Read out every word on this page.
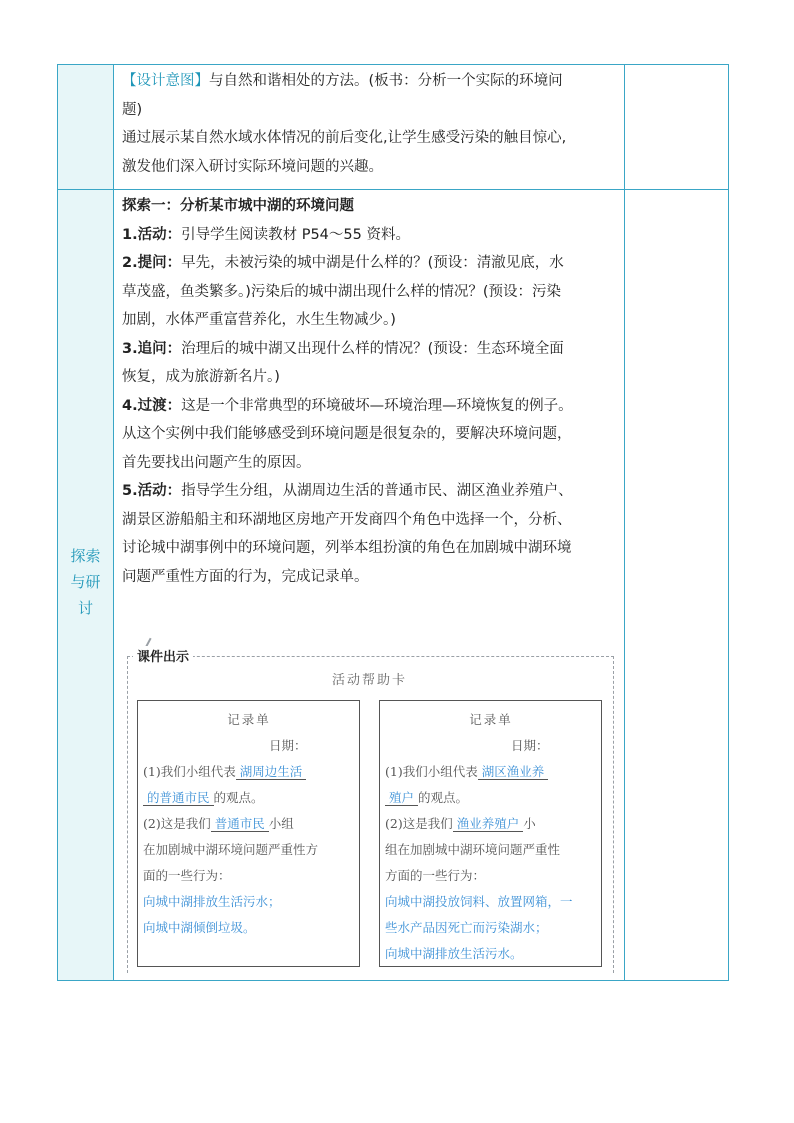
【设计意图】与自然和谐相处的方法。(板书：分析一个实际的环境问

题)

通过展示某自然水域水体情况的前后变化,让学生感受污染的触目惊心,

激发他们深入研讨实际环境问题的兴趣。

探索
与研
讨

探索一：分析某市城中湖的环境问题

1.活动：引导学生阅读教材 P54～55 资料。

2.提问：早先，未被污染的城中湖是什么样的？(预设：清澈见底，水

草茂盛，鱼类繁多。)污染后的城中湖出现什么样的情况？(预设：污染

加剧，水体严重富营养化，水生生物减少。)

3.追问：治理后的城中湖又出现什么样的情况？(预设：生态环境全面

恢复，成为旅游新名片。)

4.过渡：这是一个非常典型的环境破坏—环境治理—环境恢复的例子。

从这个实例中我们能够感受到环境问题是很复杂的，要解决环境问题，

首先要找出问题产生的原因。

5.活动：指导学生分组，从湖周边生活的普通市民、湖区渔业养殖户、

湖景区游船船主和环湖地区房地产开发商四个角色中选择一个，分析、

讨论城中湖事例中的环境问题，列举本组扮演的角色在加剧城中湖环境

问题严重性方面的行为，完成记录单。

课件出示
活动帮助卡

记录单

日期：

(1)我们小组代表 湖周边生活

的普通市民 的观点。

(2)这是我们 普通市民 小组

在加剧城中湖环境问题严重性方

面的一些行为：

向城中湖排放生活污水；

向城中湖倾倒垃圾。

记录单

日期：

(1)我们小组代表 湖区渔业养

殖户 的观点。

(2)这是我们 渔业养殖户 小

组在加剧城中湖环境问题严重性

方面的一些行为：

向城中湖投放饲料、放置网箱，一

些水产品因死亡而污染湖水；

向城中湖排放生活污水。
